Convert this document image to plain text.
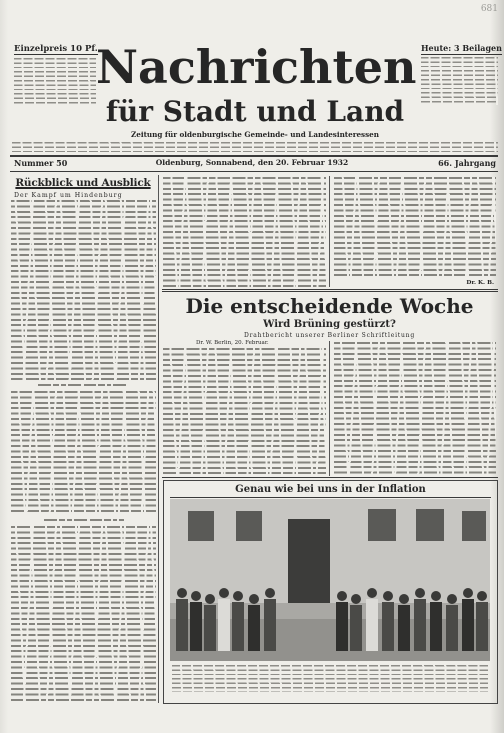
681
Einzelpreis 10 Pf.
Nachrichten
für Stadt und Land
Zeitung für oldenburgische Gemeinde- und Landesinteressen
Heute: 3 Beilagen
Nummer 50	Oldenburg, Sonnabend, den 20. Februar 1932	66. Jahrgang
Rückblick und Ausblick
Der Kampf um Hindenburg
Dr. K. B.
Die entscheidende Woche
Wird Brüning gestürzt?
Drahtbericht unserer Berliner Schriftleitung
Dr. W. Berlin, 20. Februar.
Genau wie bei uns in der Inflation
